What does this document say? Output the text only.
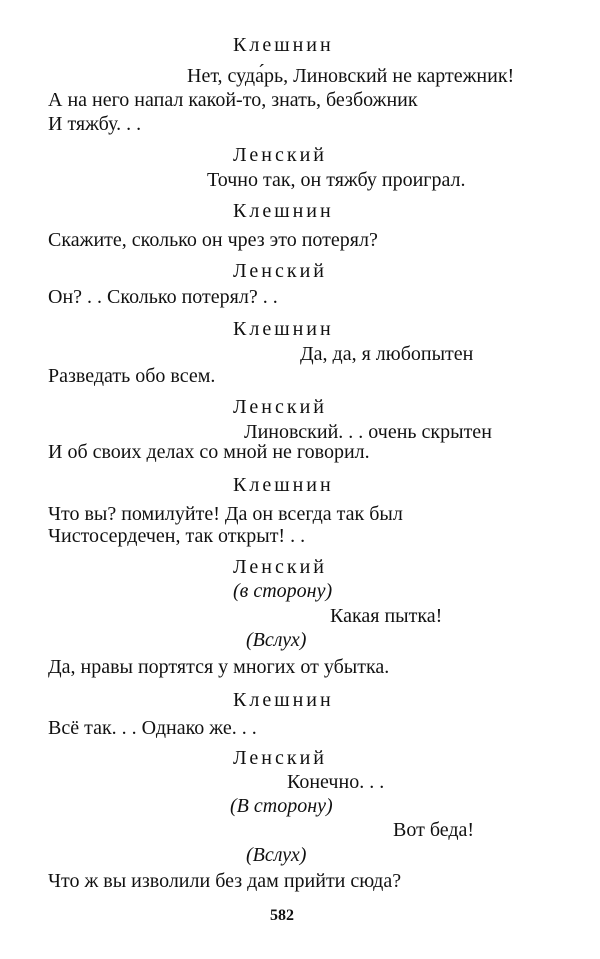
Клешнин
Нет, суда́рь, Линовский не картежник!
А на него напал какой-то, знать, безбожник
И тяжбу. . .
Ленский
Точно так, он тяжбу проиграл.
Клешнин
Скажите, сколько он чрез это потерял?
Ленский
Он? . . Сколько потерял? . .
Клешнин
Да, да, я любопытен
Разведать обо всем.
Ленский
Линовский. . . очень скрытен
И об своих делах со мной не говорил.
Клешнин
Что вы? помилуйте! Да он всегда так был
Чистосердечен, так открыт! . .
Ленский
(в сторону)
Какая пытка!
(Вслух)
Да, нравы портятся у многих от убытка.
Клешнин
Всё так. . . Однако же. . .
Ленский
Конечно. . .
(В сторону)
Вот беда!
(Вслух)
Что ж вы изволили без дам прийти сюда?
582
